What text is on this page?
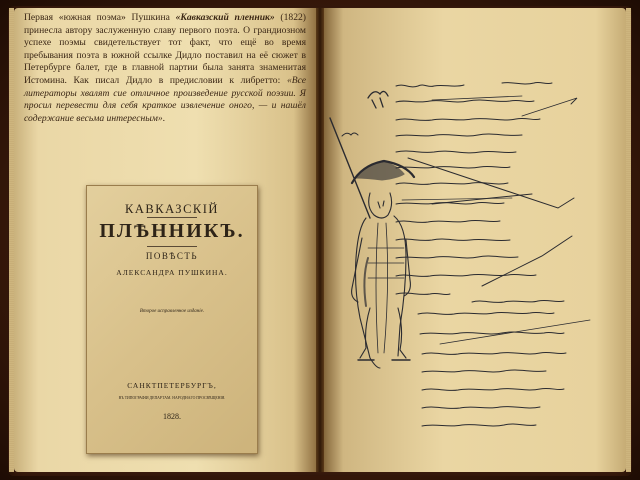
Первая «южная поэма» Пушкина «Кавказский пленник» (1822) принесла автору заслуженную славу первого поэта. О грандиозном успехе поэмы свидетельствует тот факт, что ещё во время пребывания поэта в южной ссылке Дидло поставил на её сюжет в Петербурге балет, где в главной партии была занята знаменитая Истомина. Как писал Дидло в предисловии к либретто: «Все литераторы хвалят сие отличное произведение русской поэзии. Я просил перевести для себя краткое извлечение оного, — и нашёл содержание весьма интересным».

КАВКАЗСКІЙ
ПЛѢННИКЪ.
ПОВѢСТЬ
АЛЕКСАНДРА ПУШКИНА.
Второе исправленное изданіе.
САНКТПЕТЕРБУРГЪ,
ВЪ ТИПОГРАФІИ ДЕПАРТАМ. НАРОДНАГО ПРОСВѢЩЕНІЯ.
1828.
